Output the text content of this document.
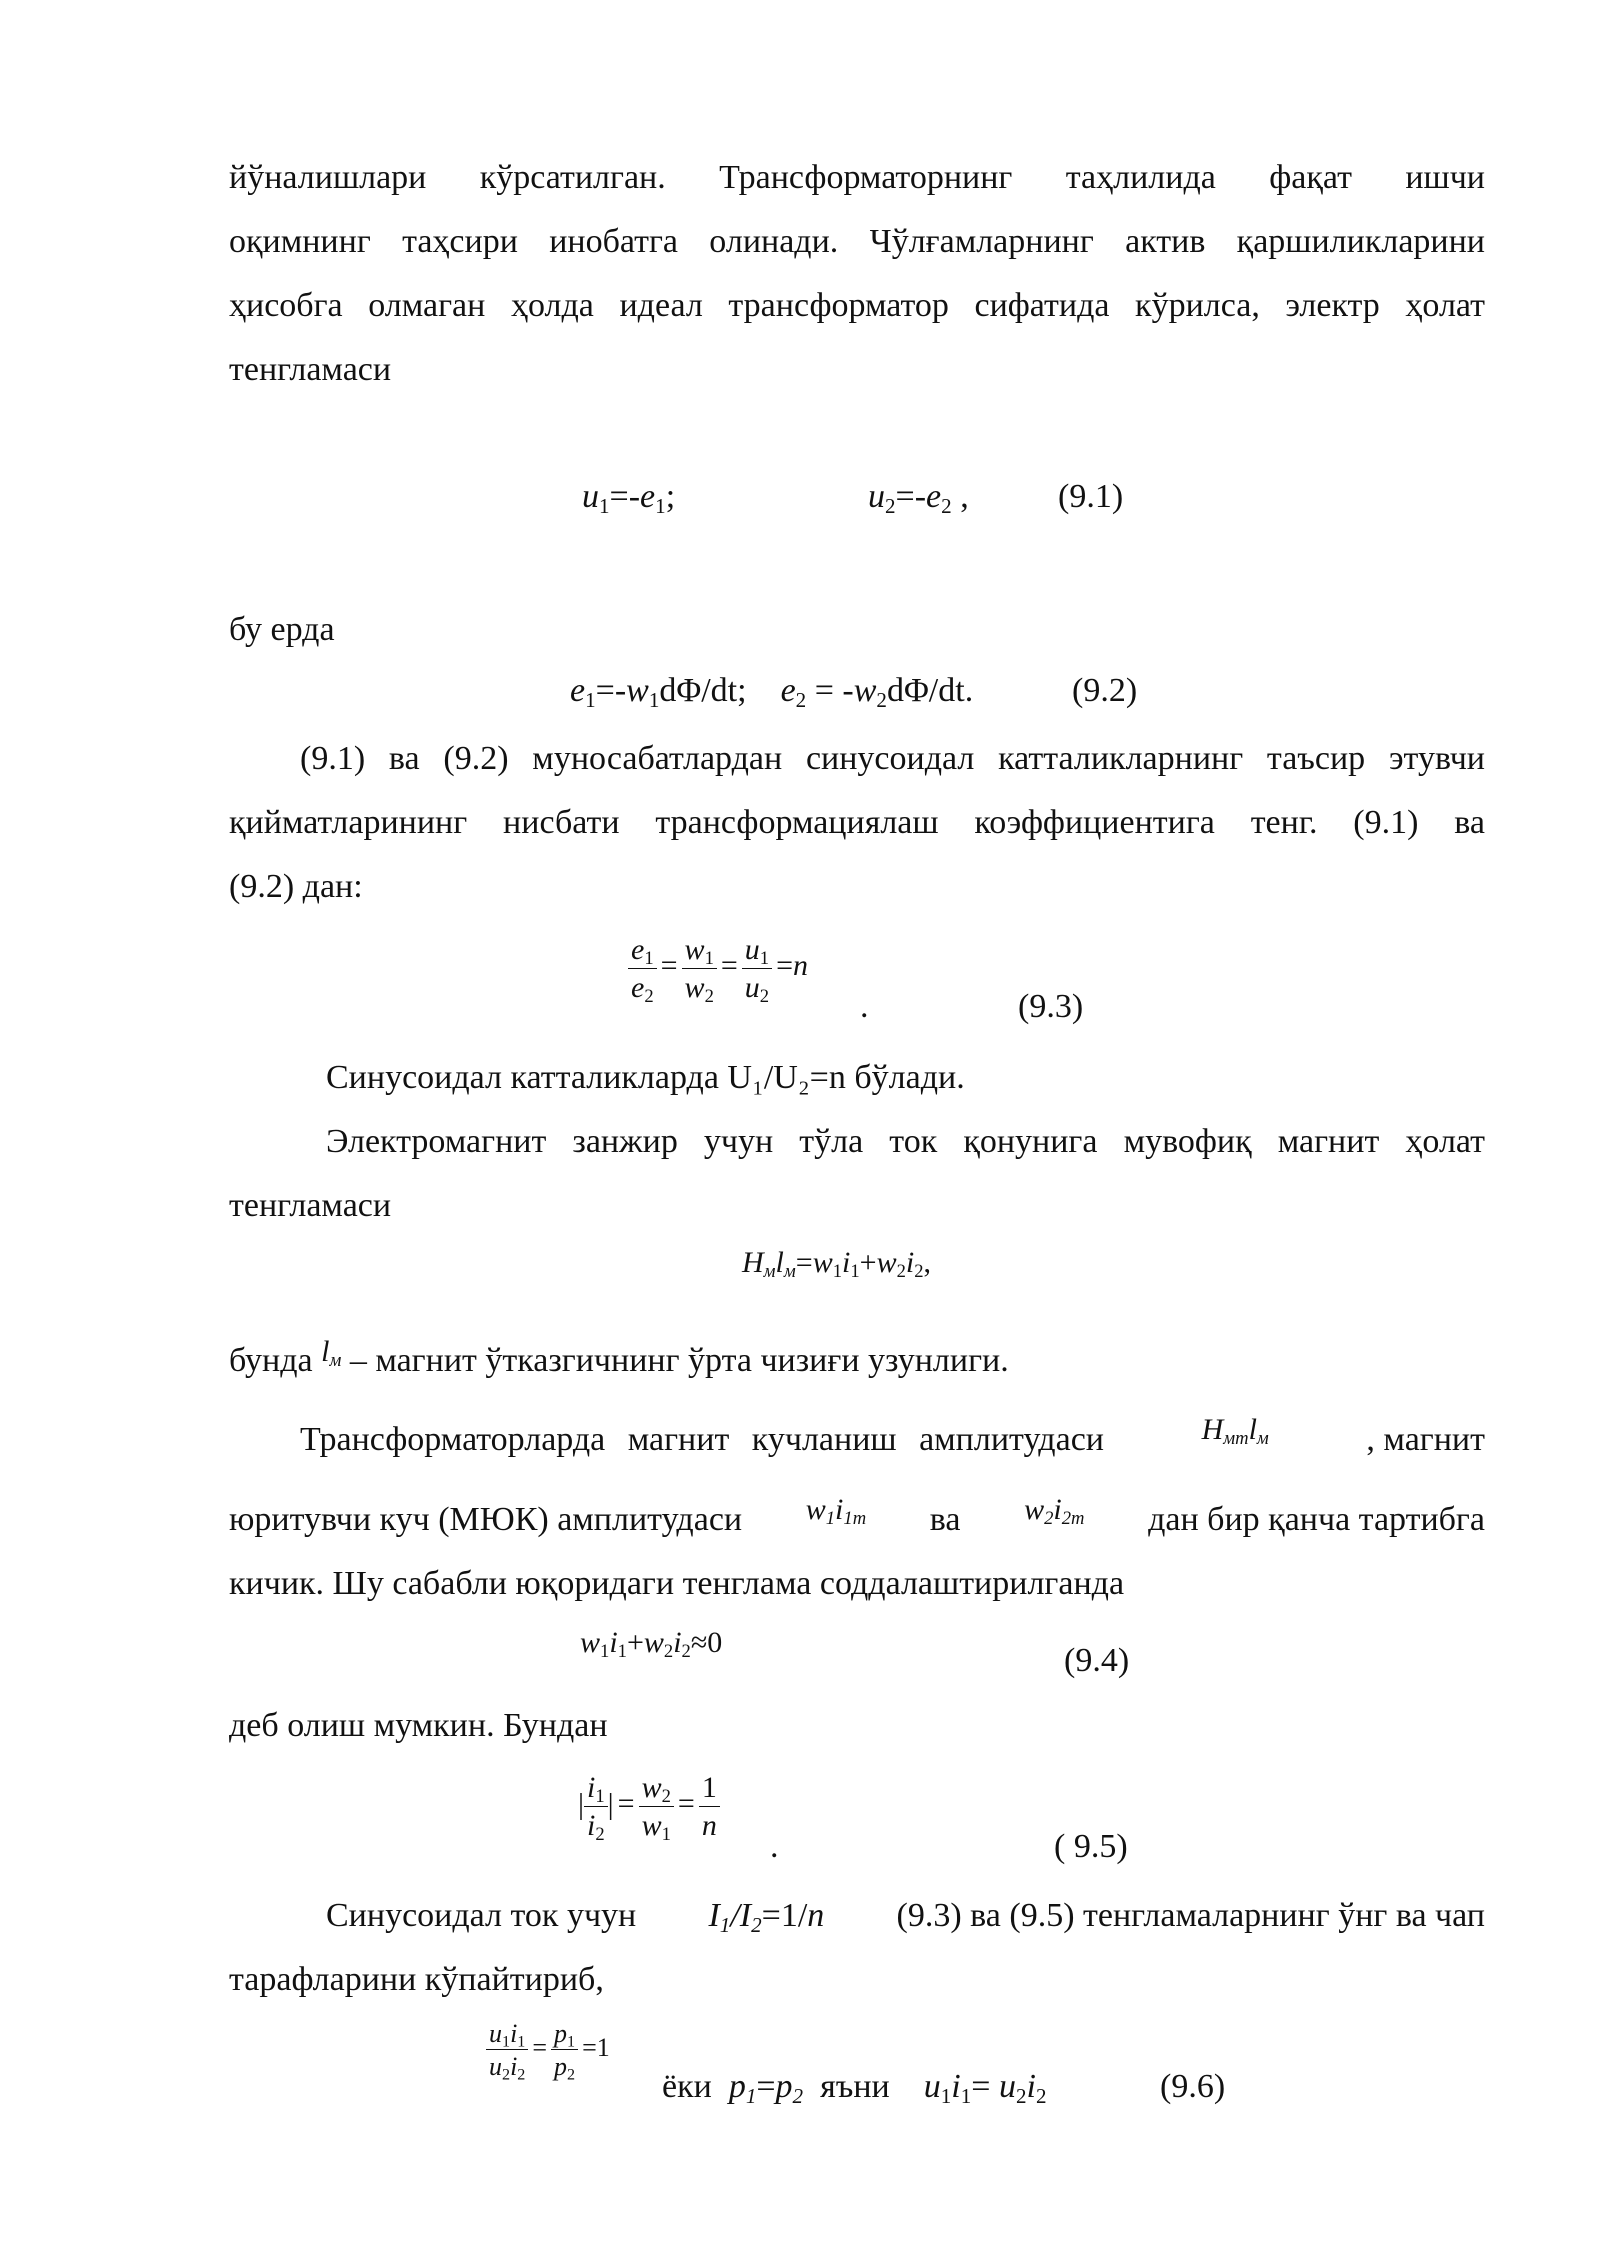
йўналишлари кўрсатилган. Трансформаторнинг таҳлилида фақат ишчи

оқимнинг таҳсири инобатга олинади. Чўлғамларнинг актив қаршиликларини

ҳисобга олмаган ҳолда идеал трансформатор сифатида кўрилса, электр ҳолат

тенгламаси

$u_1=-e_1$;	$u_2=-e_2$ ,	(9.1)

бу ерда

$e_1=-w_1d\Phi/dt$; $e_2 = -w_2d\Phi/dt$.	(9.2)

(9.1) ва (9.2) муносабатлардан синусоидал катталикларнинг таъсир этувчи

қийматларининг нисбати трансформациялаш коэффициентига тенг. (9.1) ва

(9.2) дан:

$\frac{e_1}{e_2} = \frac{w_1}{w_2} = \frac{u_1}{u_2} =n$
.	(9.3)

Синусоидал катталикларда U₁/U₂=n бўлади.

Электромагнит занжир учун тўла ток қонунига мувофиқ магнит ҳолат

тенгламаси

$H_мl_м=w_1i_1+w_2i_2$,

бунда $l_м$ – магнит ўтказгичнинг ўрта чизиғи узунлиги.

Трансформаторларда магнит кучланиш амплитудаси	$H_{мт}l_м$	, магнит
юритувчи куч (МЮК) амплитудаси $w_1i_{1m}$ ва $w_2i_{2m}$ дан бир қанча тартибга

кичик. Шу сабабли юқоридаги тенглама соддалаштирилганда

$w_1i_1+w_2i_2\approx 0$	(9.4)

деб олиш мумкин. Бундан

| $\frac{i_1}{i_2}$ | = $\frac{w_2}{w_1} = \frac{1}{n}$
.	( 9.5)
Синусоидал ток учун $I_1/I_2=1/n$ (9.3) ва (9.5) тенгламаларнинг ўнг ва чап

тарафларини кўпайтириб,

$\frac{u_1i_1}{u_2i_2} = \frac{p_1}{p_2} =1$
ёки $p_1=p_2$ яъни $u_1i_1= u_2i_2$	(9.6)
